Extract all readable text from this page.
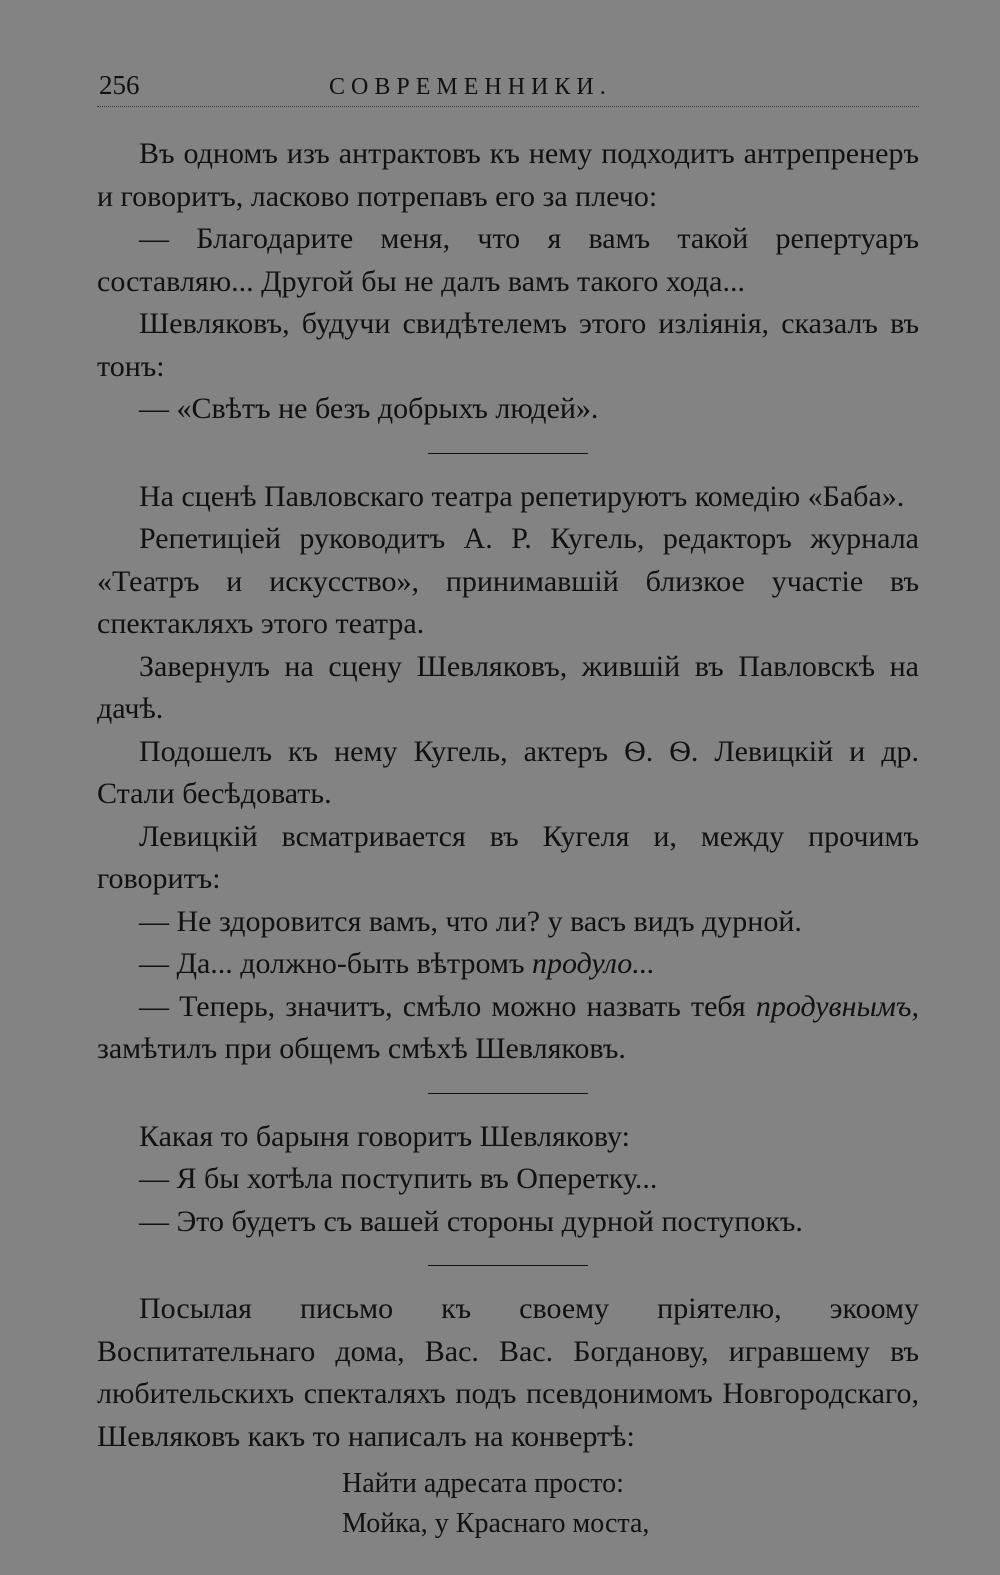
256	СОВРЕМЕННИКИ.

Въ одномъ изъ антрактовъ къ нему подходитъ антрепренеръ и говоритъ, ласково потрепавъ его за плечо:

— Благодарите меня, что я вамъ такой репертуаръ составляю... Другой бы не далъ вамъ такого хода...

Шевляковъ, будучи свидѣтелемъ этого изліянія, сказалъ въ тонъ:

— «Свѣтъ не безъ добрыхъ людей».

На сценѣ Павловскаго театра репетируютъ комедію «Баба».

Репетиціей руководитъ А. Р. Кугель, редакторъ журнала «Театръ и искусство», принимавшій близкое участіе въ спектакляхъ этого театра.

Завернулъ на сцену Шевляковъ, жившій въ Павловскѣ на дачѣ.

Подошелъ къ нему Кугель, актеръ Ѳ. Ѳ. Левицкій и др. Стали бесѣдовать.

Левицкій всматривается въ Кугеля и, между прочимъ говоритъ:

— Не здоровится вамъ, что ли? у васъ видъ дурной.

— Да... должно-быть вѣтромъ продуло...

— Теперь, значитъ, смѣло можно назвать тебя продувнымъ, замѣтилъ при общемъ смѣхѣ Шевляковъ.

Какая то барыня говоритъ Шевлякову:

— Я бы хотѣла поступить въ Оперетку...

— Это будетъ съ вашей стороны дурной поступокъ.

Посылая письмо къ своему пріятелю, экоому Воспитательнаго дома, Вас. Вас. Богданову, игравшему въ любительскихъ спекталяхъ подъ псевдонимомъ Новгородскаго, Шевляковъ какъ то написалъ на конвертѣ:

Найти адресата просто:
Мойка, у Краснаго моста,
